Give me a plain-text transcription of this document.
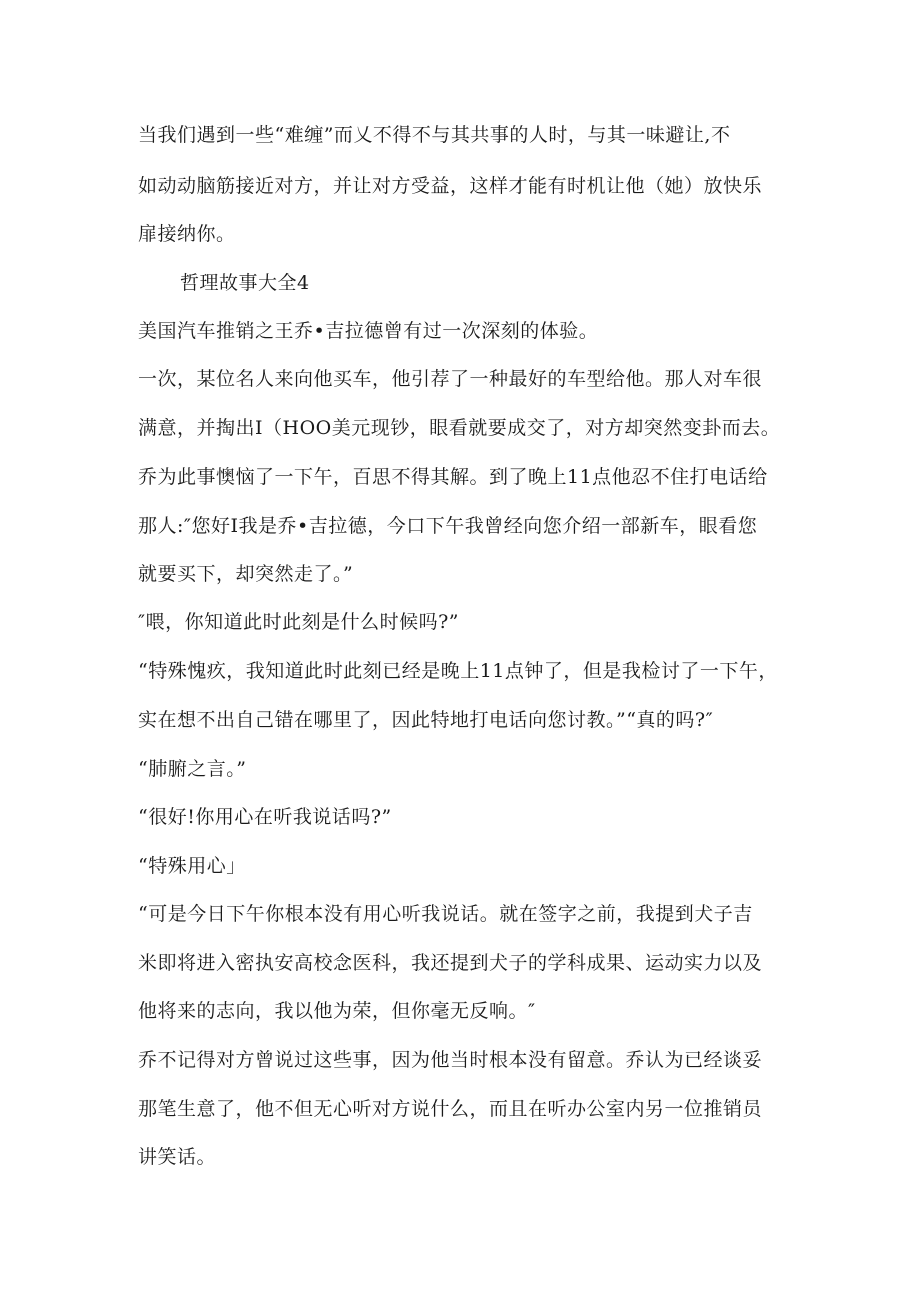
当我们遇到一些“难缠”而乂不得不与其共事的人时，与其一味避让,不

如动动脑筋接近对方，并让对方受益，这样才能有时机让他（她）放快乐

扉接纳你。

哲理故事大全4

美国汽车推销之王乔•吉拉德曾有过一次深刻的体验。

一次，某位名人来向他买车，他引荐了一种最好的车型给他。那人对车很

满意，并掏出I（HOO美元现钞，眼看就要成交了，对方却突然变卦而去。

乔为此事懊恼了一下午，百思不得其解。到了晚上11点他忍不住打电话给

那人:″您好I我是乔•吉拉德，今口下午我曾经向您介绍一部新车，眼看您

就要买下，却突然走了。”

″喂，你知道此时此刻是什么时候吗?”

“特殊愧疚，我知道此时此刻已经是晚上11点钟了，但是我检讨了一下午，

实在想不出自己错在哪里了，因此特地打电话向您讨教。”“真的吗?″

“肺腑之言。”

“很好!你用心在听我说话吗?”

“特殊用心」

“可是今日下午你根本没有用心听我说话。就在签字之前，我提到犬子吉

米即将进入密执安高校念医科，我还提到犬子的学科成果、运动实力以及

他将来的志向，我以他为荣，但你毫无反响。″

乔不记得对方曾说过这些事，因为他当时根本没有留意。乔认为已经谈妥

那笔生意了，他不但无心听对方说什么，而且在听办公室内另一位推销员

讲笑话。
